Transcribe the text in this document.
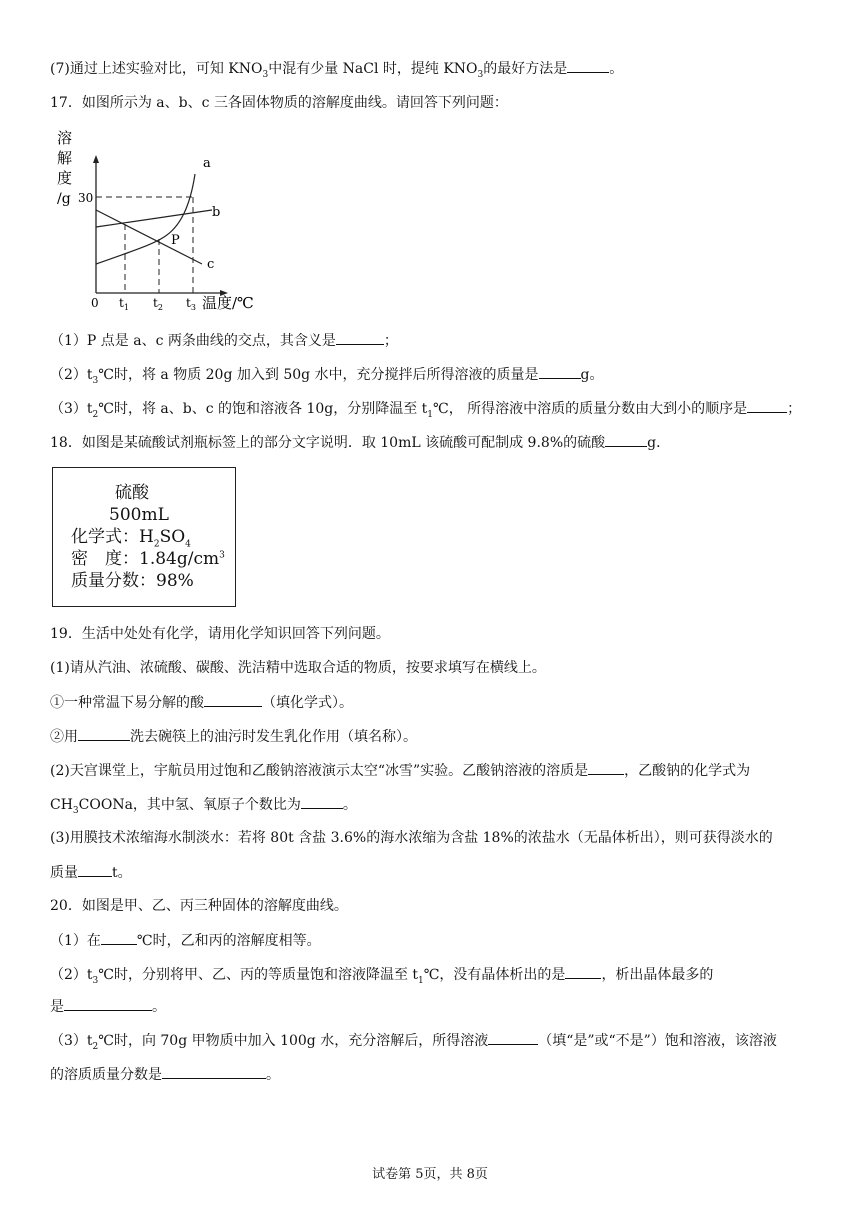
(7)通过上述实验对比，可知 $KNO_3$中混有少量 NaCl 时，提纯 $KNO_3$的最好方法是	。
17．如图所示为 a、b、c 三各固体物质的溶解度曲线。请回答下列问题：
溶
解
度
/g 30
0
a
b
c
P
$t_1$ $t_2$ $t_3$ 温度/℃
（1）P 点是 a、c 两条曲线的交点，其含义是	；
$(2)t_3℃$时，将 a 物质 20g 加入到 50g 水中，充分搅拌后所得溶液的质量是	g。
$(3)t_2℃$时，将 a、b、c 的饱和溶液各 10g，分别降温至 $t_1℃$， 所得溶液中溶质的质量分数由大到小的顺序是	；
18．如图是某硫酸试剂瓶标签上的部分文字说明．取 10mL 该硫酸可配制成 9.8%的硫酸	g．
硫酸
500mL
化学式：$H_2SO_4$
密　度：$1.84g/cm^3$
质量分数：98%
19．生活中处处有化学，请用化学知识回答下列问题。
(1)请从汽油、浓硫酸、碳酸、洗洁精中选取合适的物质，按要求填写在横线上。
①一种常温下易分解的酸	（填化学式）。
②用	洗去碗筷上的油污时发生乳化作用（填名称）。
(2)天宫课堂上，宇航员用过饱和乙酸钠溶液演示太空“冰雪”实验。乙酸钠溶液的溶质是	，乙酸钠的化学式为
$CH_3COONa$，其中氢、氧原子个数比为	。
(3)用膜技术浓缩海水制淡水：若将 80t 含盐 3.6%的海水浓缩为含盐 18%的浓盐水（无晶体析出），则可获得淡水的
质量 t。
20．如图是甲、乙、丙三种固体的溶解度曲线。
（1）在	℃时，乙和丙的溶解度相等。
$(2)t_3℃$时，分别将甲、乙、丙的等质量饱和溶液降温至 $t_1℃$，没有晶体析出的是	，析出晶体最多的
是	。
$(3)t_2℃$时，向 70g 甲物质中加入 100g 水，充分溶解后，所得溶液	（填“是”或“不是”）饱和溶液，该溶液
的溶质质量分数是	。
试卷第 5页，共 8页
